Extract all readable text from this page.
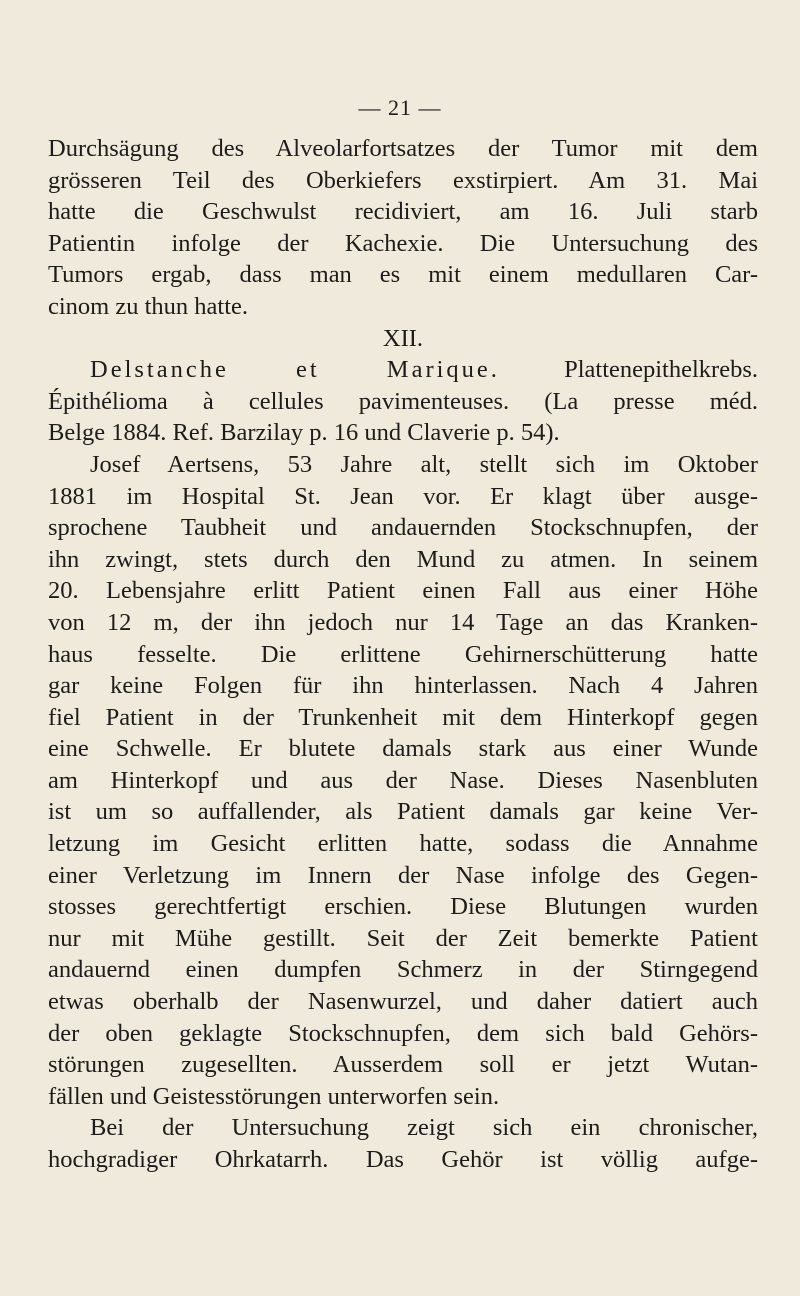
— 21 —
Durchsägung des Alveolarfortsatzes der Tumor mit dem
grösseren Teil des Oberkiefers exstirpiert. Am 31. Mai
hatte die Geschwulst recidiviert, am 16. Juli starb
Patientin infolge der Kachexie. Die Untersuchung des
Tumors ergab, dass man es mit einem medullaren Car-
cinom zu thun hatte.
XII.
Delstanche et Marique.	Plattenepithelkrebs.
Épithélioma à cellules pavimenteuses. (La presse méd.
Belge 1884. Ref. Barzilay p. 16 und Claverie p. 54).
Josef Aertsens, 53 Jahre alt, stellt sich im Oktober
1881 im Hospital St. Jean vor. Er klagt über ausge-
sprochene Taubheit und andauernden Stockschnupfen, der
ihn zwingt, stets durch den Mund zu atmen. In seinem
20. Lebensjahre erlitt Patient einen Fall aus einer Höhe
von 12 m, der ihn jedoch nur 14 Tage an das Kranken-
haus fesselte. Die erlittene Gehirnerschütterung hatte
gar keine Folgen für ihn hinterlassen. Nach 4 Jahren
fiel Patient in der Trunkenheit mit dem Hinterkopf gegen
eine Schwelle. Er blutete damals stark aus einer Wunde
am Hinterkopf und aus der Nase. Dieses Nasenbluten
ist um so auffallender, als Patient damals gar keine Ver-
letzung im Gesicht erlitten hatte, sodass die Annahme
einer Verletzung im Innern der Nase infolge des Gegen-
stosses gerechtfertigt erschien. Diese Blutungen wurden
nur mit Mühe gestillt. Seit der Zeit bemerkte Patient
andauernd einen dumpfen Schmerz in der Stirngegend
etwas oberhalb der Nasenwurzel, und daher datiert auch
der oben geklagte Stockschnupfen, dem sich bald Gehörs-
störungen zugesellten. Ausserdem soll er jetzt Wutan-
fällen und Geistesstörungen unterworfen sein.
Bei der Untersuchung zeigt sich ein chronischer,
hochgradiger Ohrkatarrh. Das Gehör ist völlig aufge-
